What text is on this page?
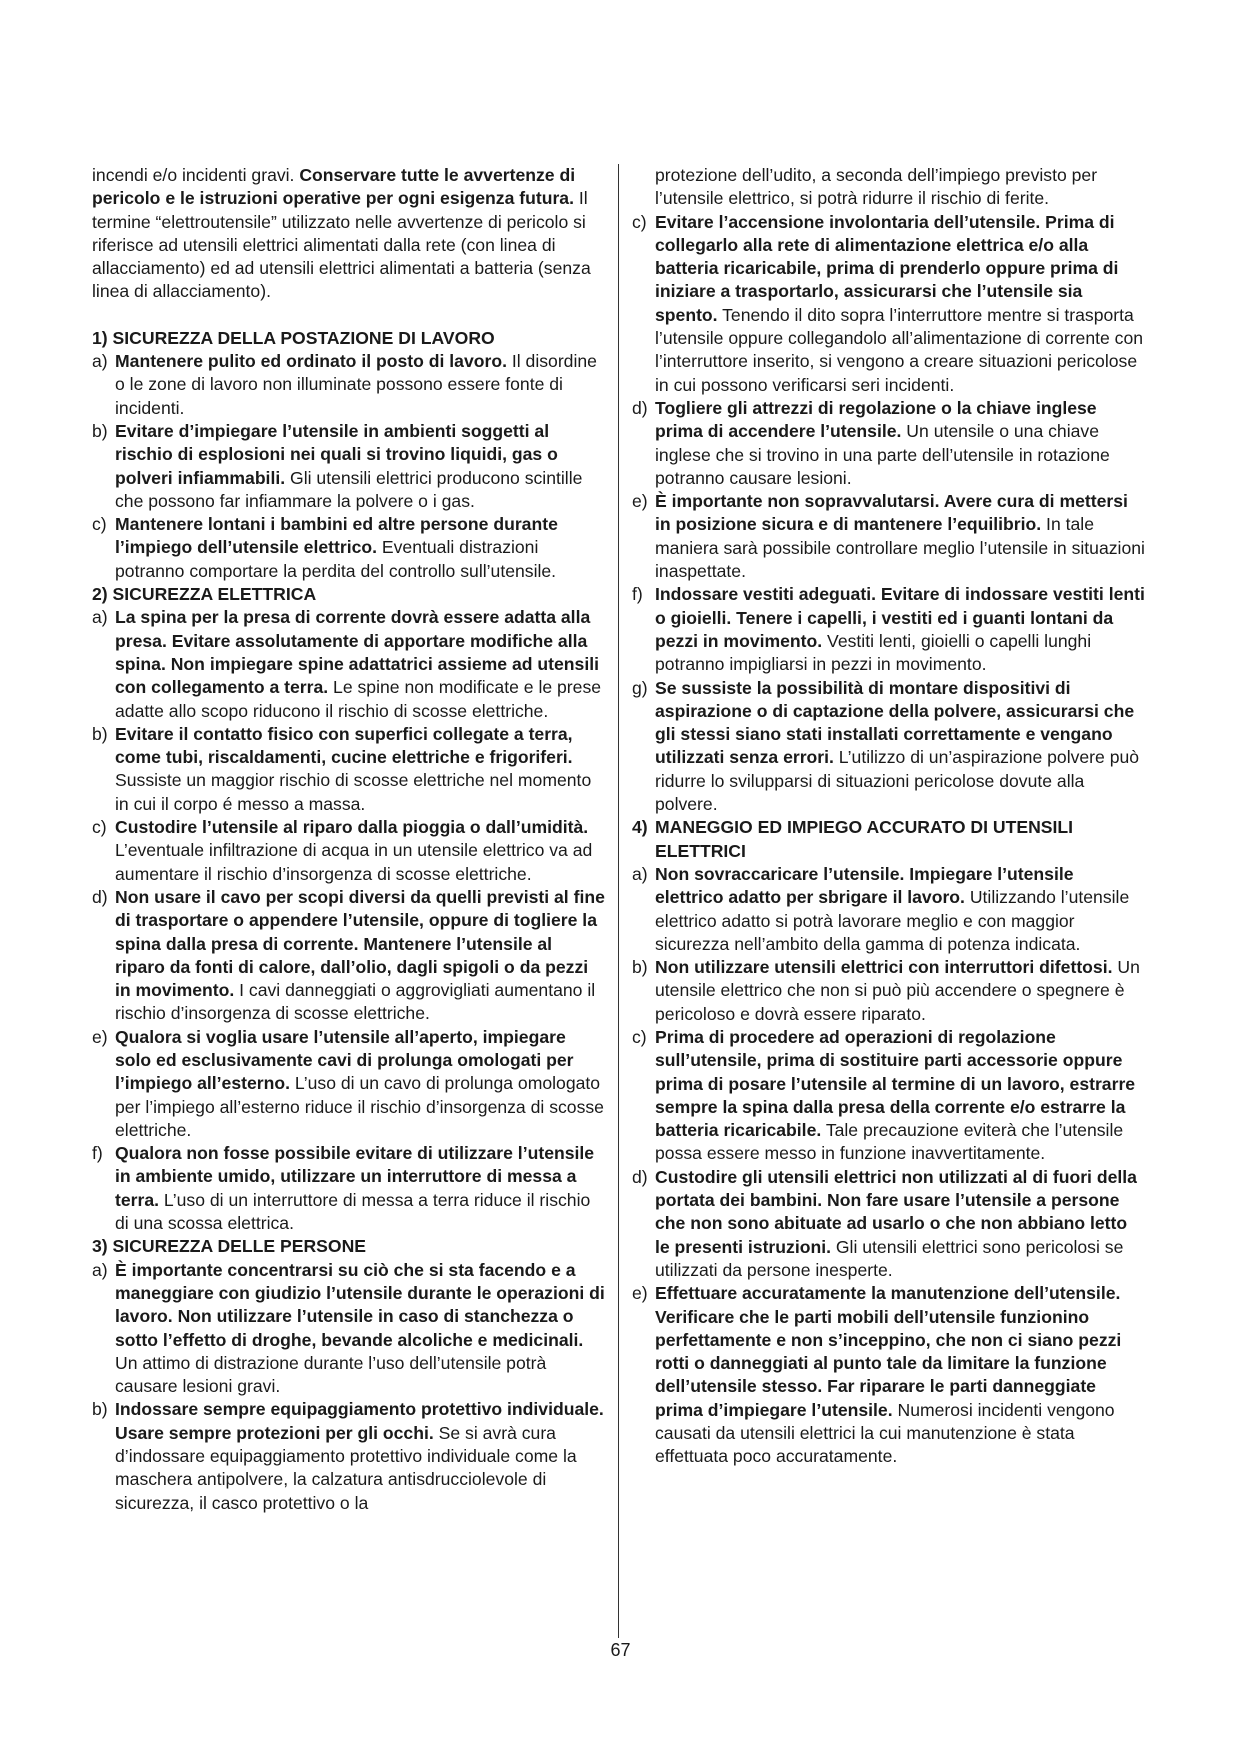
incendi e/o incidenti gravi. Conservare tutte le avvertenze di pericolo e le istruzioni operative per ogni esigenza futura. Il termine “elettroutensile” utilizzato nelle avvertenze di pericolo si riferisce ad utensili elettrici alimentati dalla rete (con linea di allacciamento) ed ad utensili elettrici alimentati a batteria (senza linea di allacciamento).

1) SICUREZZA DELLA POSTAZIONE DI LAVORO

a) Mantenere pulito ed ordinato il posto di lavoro. Il disordine o le zone di lavoro non illuminate possono essere fonte di incidenti.
b) Evitare d’impiegare l’utensile in ambienti soggetti al rischio di esplosioni nei quali si trovino liquidi, gas o polveri infiammabili. Gli utensili elettrici producono scintille che possono far infiammare la polvere o i gas.
c) Mantenere lontani i bambini ed altre persone durante l’impiego dell’utensile elettrico. Eventuali distrazioni potranno comportare la perdita del controllo sull’utensile.

2) SICUREZZA ELETTRICA

a) La spina per la presa di corrente dovrà essere adatta alla presa. Evitare assolutamente di apportare modifiche alla spina. Non impiegare spine adattatrici assieme ad utensili con collegamento a terra. Le spine non modificate e le prese adatte allo scopo riducono il rischio di scosse elettriche.
b) Evitare il contatto fisico con superfici collegate a terra, come tubi, riscaldamenti, cucine elettriche e frigoriferi. Sussiste un maggior rischio di scosse elettriche nel momento in cui il corpo é messo a massa.
c) Custodire l’utensile al riparo dalla pioggia o dall’umidità. L’eventuale infiltrazione di acqua in un utensile elettrico va ad aumentare il rischio d’insorgenza di scosse elettriche.
d) Non usare il cavo per scopi diversi da quelli previsti al fine di trasportare o appendere l’utensile, oppure di togliere la spina dalla presa di corrente. Mantenere l’utensile al riparo da fonti di calore, dall’olio, dagli spigoli o da pezzi in movimento. I cavi danneggiati o aggrovigliati aumentano il rischio d’insorgenza di scosse elettriche.
e) Qualora si voglia usare l’utensile all’aperto, impiegare solo ed esclusivamente cavi di prolunga omologati per l’impiego all’esterno. L’uso di un cavo di prolunga omologato per l’impiego all’esterno riduce il rischio d’insorgenza di scosse elettriche.
f) Qualora non fosse possibile evitare di utilizzare l’utensile in ambiente umido, utilizzare un interruttore di messa a terra. L’uso di un interruttore di messa a terra riduce il rischio di una scossa elettrica.

3) SICUREZZA DELLE PERSONE

a) È importante concentrarsi su ciò che si sta facendo e a maneggiare con giudizio l’utensile durante le operazioni di lavoro. Non utilizzare l’utensile in caso di stanchezza o sotto l’effetto di droghe, bevande alcoliche e medicinali. Un attimo di distrazione durante l’uso dell’utensile potrà causare lesioni gravi.
b) Indossare sempre equipaggiamento protettivo individuale. Usare sempre protezioni per gli occhi. Se si avrà cura d’indossare equipaggiamento protettivo individuale come la maschera antipolvere, la calzatura antisdrucciolevole di sicurezza, il casco protettivo o la

protezione dell’udito, a seconda dell’impiego previsto per l’utensile elettrico, si potrà ridurre il rischio di ferite.

c) Evitare l’accensione involontaria dell’utensile. Prima di collegarlo alla rete di alimentazione elettrica e/o alla batteria ricaricabile, prima di prenderlo oppure prima di iniziare a trasportarlo, assicurarsi che l’utensile sia spento. Tenendo il dito sopra l’interruttore mentre si trasporta l’utensile oppure collegandolo all’alimentazione di corrente con l’interruttore inserito, si vengono a creare situazioni pericolose in cui possono verificarsi seri incidenti.
d) Togliere gli attrezzi di regolazione o la chiave inglese prima di accendere l’utensile. Un utensile o una chiave inglese che si trovino in una parte dell’utensile in rotazione potranno causare lesioni.
e) È importante non sopravvalutarsi. Avere cura di mettersi in posizione sicura e di mantenere l’equilibrio. In tale maniera sarà possibile controllare meglio l’utensile in situazioni inaspettate.
f) Indossare vestiti adeguati. Evitare di indossare vestiti lenti o gioielli. Tenere i capelli, i vestiti ed i guanti lontani da pezzi in movimento. Vestiti lenti, gioielli o capelli lunghi potranno impigliarsi in pezzi in movimento.
g) Se sussiste la possibilità di montare dispositivi di aspirazione o di captazione della polvere, assicurarsi che gli stessi siano stati installati correttamente e vengano utilizzati senza errori. L’utilizzo di un’aspirazione polvere può ridurre lo svilupparsi di situazioni pericolose dovute alla polvere.
4) MANEGGIO ED IMPIEGO ACCURATO DI UTENSILI ELETTRICI
a) Non sovraccaricare l’utensile. Impiegare l’utensile elettrico adatto per sbrigare il lavoro. Utilizzando l’utensile elettrico adatto si potrà lavorare meglio e con maggior sicurezza nell’ambito della gamma di potenza indicata.
b) Non utilizzare utensili elettrici con interruttori difettosi. Un utensile elettrico che non si può più accendere o spegnere è pericoloso e dovrà essere riparato.
c) Prima di procedere ad operazioni di regolazione sull’utensile, prima di sostituire parti accessorie oppure prima di posare l’utensile al termine di un lavoro, estrarre sempre la spina dalla presa della corrente e/o estrarre la batteria ricaricabile. Tale precauzione eviterà che l’utensile possa essere messo in funzione inavvertitamente.
d) Custodire gli utensili elettrici non utilizzati al di fuori della portata dei bambini. Non fare usare l’utensile a persone che non sono abituate ad usarlo o che non abbiano letto le presenti istruzioni. Gli utensili elettrici sono pericolosi se utilizzati da persone inesperte.
e) Effettuare accuratamente la manutenzione dell’utensile. Verificare che le parti mobili dell’utensile funzionino perfettamente e non s’inceppino, che non ci siano pezzi rotti o danneggiati al punto tale da limitare la funzione dell’utensile stesso. Far riparare le parti danneggiate prima d’impiegare l’utensile. Numerosi incidenti vengono causati da utensili elettrici la cui manutenzione è stata effettuata poco accuratamente.
67
